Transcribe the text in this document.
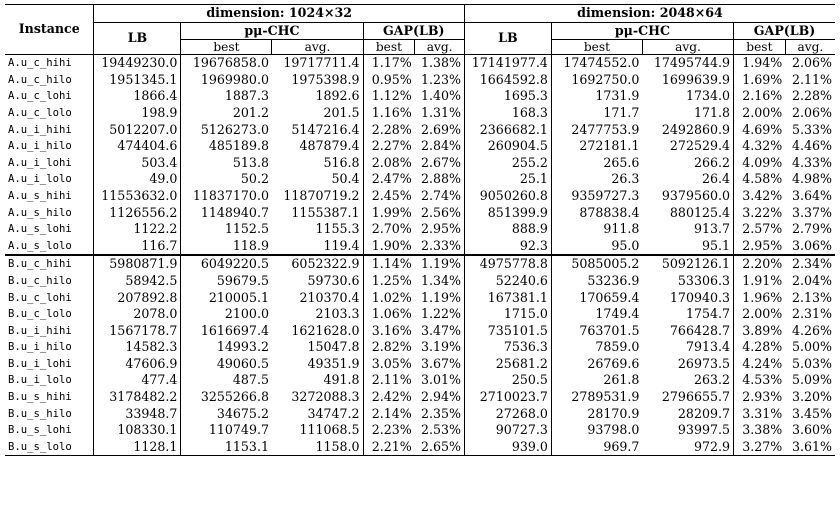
Instance	dimension: 1024×32					dimension: 2048×64				
	LB	pμ-CHC		GAP(LB)		LB	pμ-CHC		GAP(LB)	
		best	avg.	best	avg.		best	avg.	best	avg.
A.u_c_hihi	19449230.0	19676858.0	19717711.4	1.17%	1.38%	17141977.4	17474552.0	17495744.9	1.94%	2.06%
A.u_c_hilo	1951345.1	1969980.0	1975398.9	0.95%	1.23%	1664592.8	1692750.0	1699639.9	1.69%	2.11%
A.u_c_lohi	1866.4	1887.3	1892.6	1.12%	1.40%	1695.3	1731.9	1734.0	2.16%	2.28%
A.u_c_lolo	198.9	201.2	201.5	1.16%	1.31%	168.3	171.7	171.8	2.00%	2.06%
A.u_i_hihi	5012207.0	5126273.0	5147216.4	2.28%	2.69%	2366682.1	2477753.9	2492860.9	4.69%	5.33%
A.u_i_hilo	474404.6	485189.8	487879.4	2.27%	2.84%	260904.5	272181.1	272529.4	4.32%	4.46%
A.u_i_lohi	503.4	513.8	516.8	2.08%	2.67%	255.2	265.6	266.2	4.09%	4.33%
A.u_i_lolo	49.0	50.2	50.4	2.47%	2.88%	25.1	26.3	26.4	4.58%	4.98%
A.u_s_hihi	11553632.0	11837170.0	11870719.2	2.45%	2.74%	9050260.8	9359727.3	9379560.0	3.42%	3.64%
A.u_s_hilo	1126556.2	1148940.7	1155387.1	1.99%	2.56%	851399.9	878838.4	880125.4	3.22%	3.37%
A.u_s_lohi	1122.2	1152.5	1155.3	2.70%	2.95%	888.9	911.8	913.7	2.57%	2.79%
A.u_s_lolo	116.7	118.9	119.4	1.90%	2.33%	92.3	95.0	95.1	2.95%	3.06%
B.u_c_hihi	5980871.9	6049220.5	6052322.9	1.14%	1.19%	4975778.8	5085005.2	5092126.1	2.20%	2.34%
B.u_c_hilo	58942.5	59679.5	59730.6	1.25%	1.34%	52240.6	53236.9	53306.3	1.91%	2.04%
B.u_c_lohi	207892.8	210005.1	210370.4	1.02%	1.19%	167381.1	170659.4	170940.3	1.96%	2.13%
B.u_c_lolo	2078.0	2100.0	2103.3	1.06%	1.22%	1715.0	1749.4	1754.7	2.00%	2.31%
B.u_i_hihi	1567178.7	1616697.4	1621628.0	3.16%	3.47%	735101.5	763701.5	766428.7	3.89%	4.26%
B.u_i_hilo	14582.3	14993.2	15047.8	2.82%	3.19%	7536.3	7859.0	7913.4	4.28%	5.00%
B.u_i_lohi	47606.9	49060.5	49351.9	3.05%	3.67%	25681.2	26769.6	26973.5	4.24%	5.03%
B.u_i_lolo	477.4	487.5	491.8	2.11%	3.01%	250.5	261.8	263.2	4.53%	5.09%
B.u_s_hihi	3178482.2	3255266.8	3272088.3	2.42%	2.94%	2710023.7	2789531.9	2796655.7	2.93%	3.20%
B.u_s_hilo	33948.7	34675.2	34747.2	2.14%	2.35%	27268.0	28170.9	28209.7	3.31%	3.45%
B.u_s_lohi	108330.1	110749.7	111068.5	2.23%	2.53%	90727.3	93798.0	93997.5	3.38%	3.60%
B.u_s_lolo	1128.1	1153.1	1158.0	2.21%	2.65%	939.0	969.7	972.9	3.27%	3.61%
